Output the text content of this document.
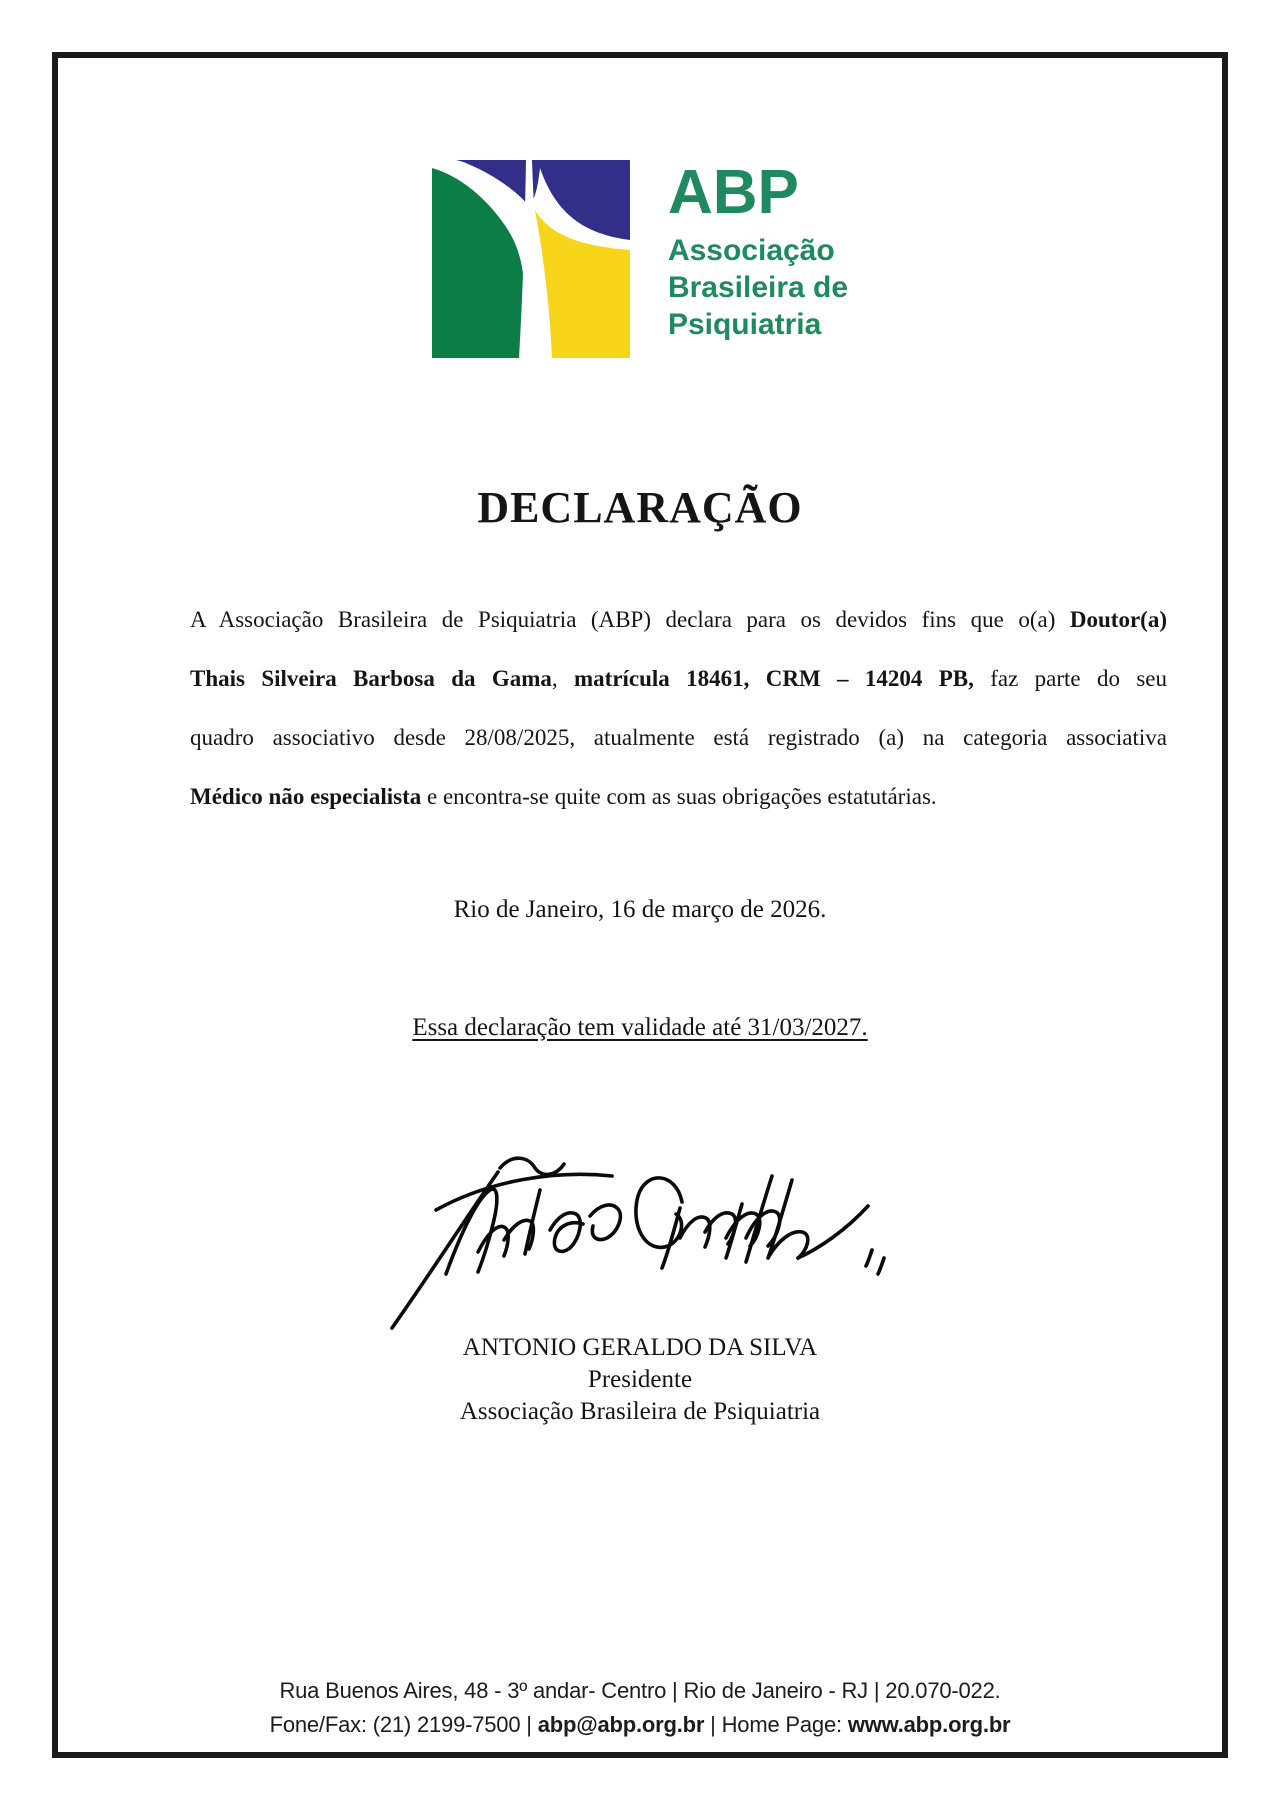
ABP
Associação
Brasileira de
Psiquiatria
DECLARAÇÃO
A Associação Brasileira de Psiquiatria (ABP) declara para os devidos fins que o(a) Doutor(a)
Thais Silveira Barbosa da Gama, matrícula 18461, CRM – 14204 PB, faz parte do seu
quadro associativo desde 28/08/2025, atualmente está registrado (a) na categoria associativa
Médico não especialista e encontra-se quite com as suas obrigações estatutárias.
Rio de Janeiro, 16 de março de 2026.
Essa declaração tem validade até 31/03/2027.
ANTONIO GERALDO DA SILVA
Presidente
Associação Brasileira de Psiquiatria
Rua Buenos Aires, 48 - 3º andar- Centro | Rio de Janeiro - RJ | 20.070-022.
Fone/Fax: (21) 2199-7500 | abp@abp.org.br | Home Page: www.abp.org.br
